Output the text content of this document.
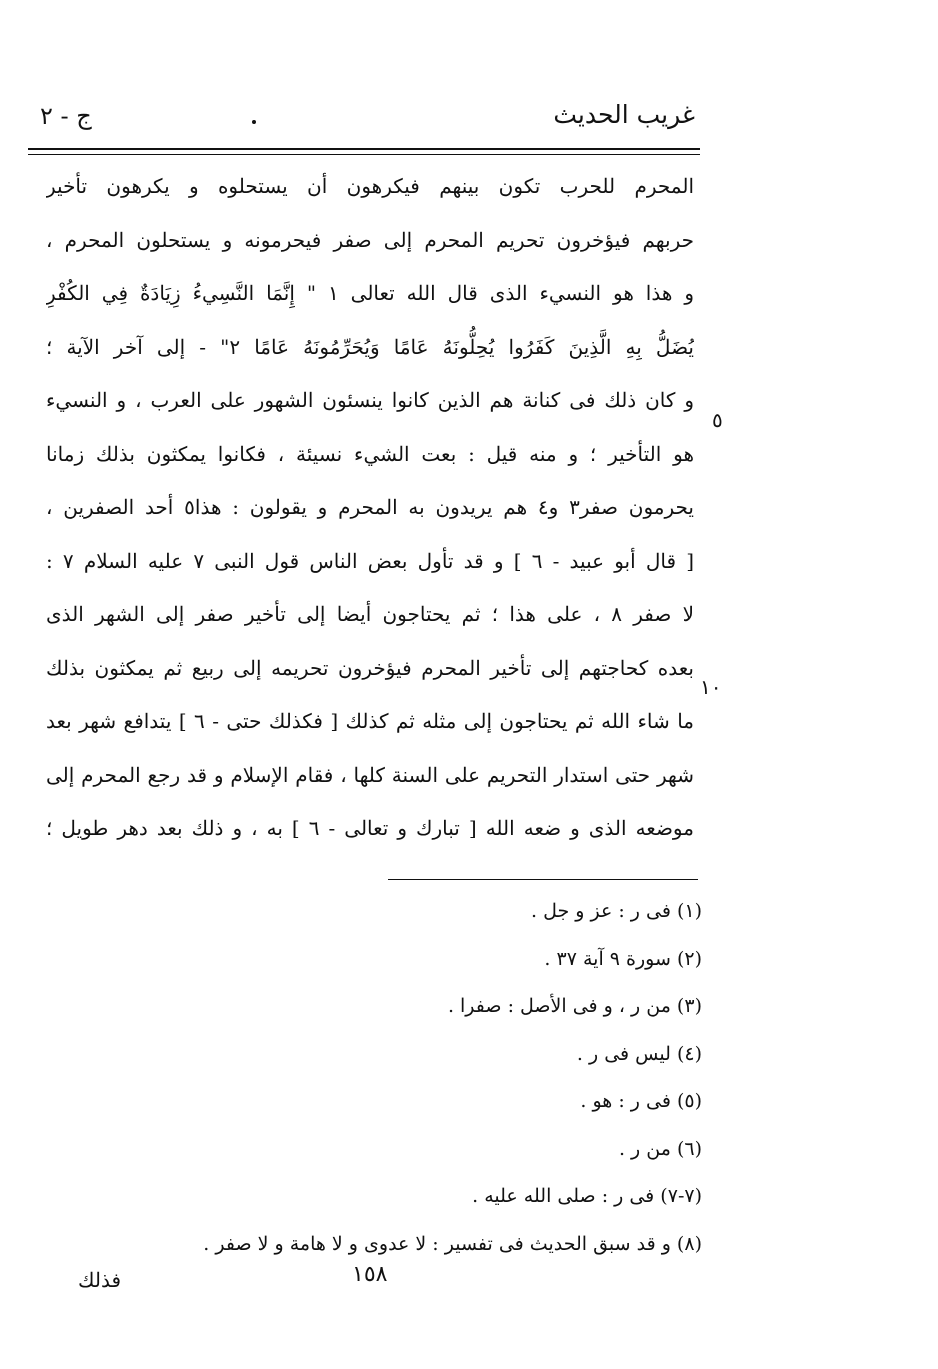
غريب الحديث
ج - ٢
المحرم للحرب تكون بينهم فيكرهون أن يستحلوه و يكرهون تأخير
حربهم فيؤخرون تحريم المحرم إلى صفر فيحرمونه و يستحلون المحرم ،
و هذا هو النسيء الذى قال الله تعالى ١ " إِنَّمَا النَّسِيءُ زِيَادَةٌ فِي الكُفْرِ
يُضَلُّ بِهِ الَّذِينَ كَفَرُوا يُحِلُّونَهُ عَامًا وَيُحَرِّمُونَهُ عَامًا ٢" - إلى آخر الآية ؛
و كان ذلك فى كنانة هم الذين كانوا ينسئون الشهور على العرب ، و النسيء
هو التأخير ؛ و منه قيل : بعت الشيء نسيئة ، فكانوا يمكثون بذلك زمانا
يحرمون صفر٣ و٤ هم يريدون به المحرم و يقولون : هذا٥ أحد الصفرين ،
[ قال أبو عبيد - ٦ ] و قد تأول بعض الناس قول النبى ٧ عليه السلام ٧ :
لا صفر ٨ ، على هذا ؛ ثم يحتاجون أيضا إلى تأخير صفر إلى الشهر الذى
بعده كحاجتهم إلى تأخير المحرم فيؤخرون تحريمه إلى ربيع ثم يمكثون بذلك
ما شاء الله ثم يحتاجون إلى مثله ثم كذلك [ فكذلك حتى - ٦ ] يتدافع شهر بعد
شهر حتى استدار التحريم على السنة كلها ، فقام الإسلام و قد رجع المحرم إلى
موضعه الذى و ضعه الله [ تبارك و تعالى - ٦ ] به ، و ذلك بعد دهر طويل ؛
٥
١٠
(١) فى ر : عز و جل .
(٢) سورة ٩ آية ٣٧ .
(٣) من ر ، و فى الأصل : صفرا .
(٤) ليس فى ر .
(٥) فى ر : هو .
(٦) من ر .
(٧-٧) فى ر : صلى الله عليه .
(٨) و قد سبق الحديث فى تفسير : لا عدوى و لا هامة و لا صفر .
١٥٨
فذلك
